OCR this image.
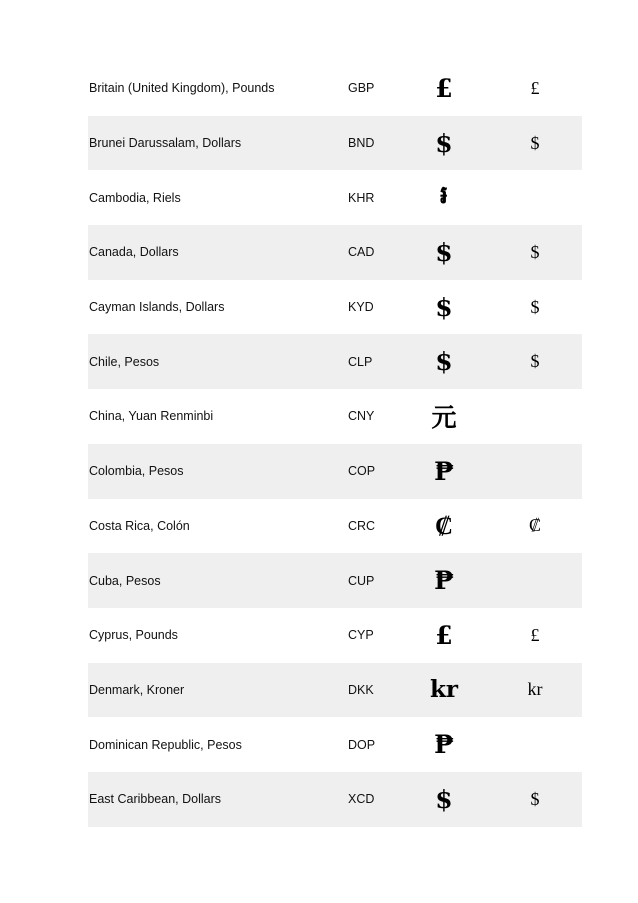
Britain (United Kingdom), Pounds	GBP	£	£
Brunei Darussalam, Dollars	BND	$	$
Cambodia, Riels	KHR	៛
Canada, Dollars	CAD	$	$
Cayman Islands, Dollars	KYD	$	$
Chile, Pesos	CLP	$	$
China, Yuan Renminbi	CNY 元
Colombia, Pesos	COP	₱
Costa Rica, Colón	CRC	₡	₡
Cuba, Pesos	CUP	₱
Cyprus, Pounds	CYP	£	£
Denmark, Kroner	DKK kr	kr
Dominican Republic, Pesos	DOP	₱
East Caribbean, Dollars	XCD	$	$
